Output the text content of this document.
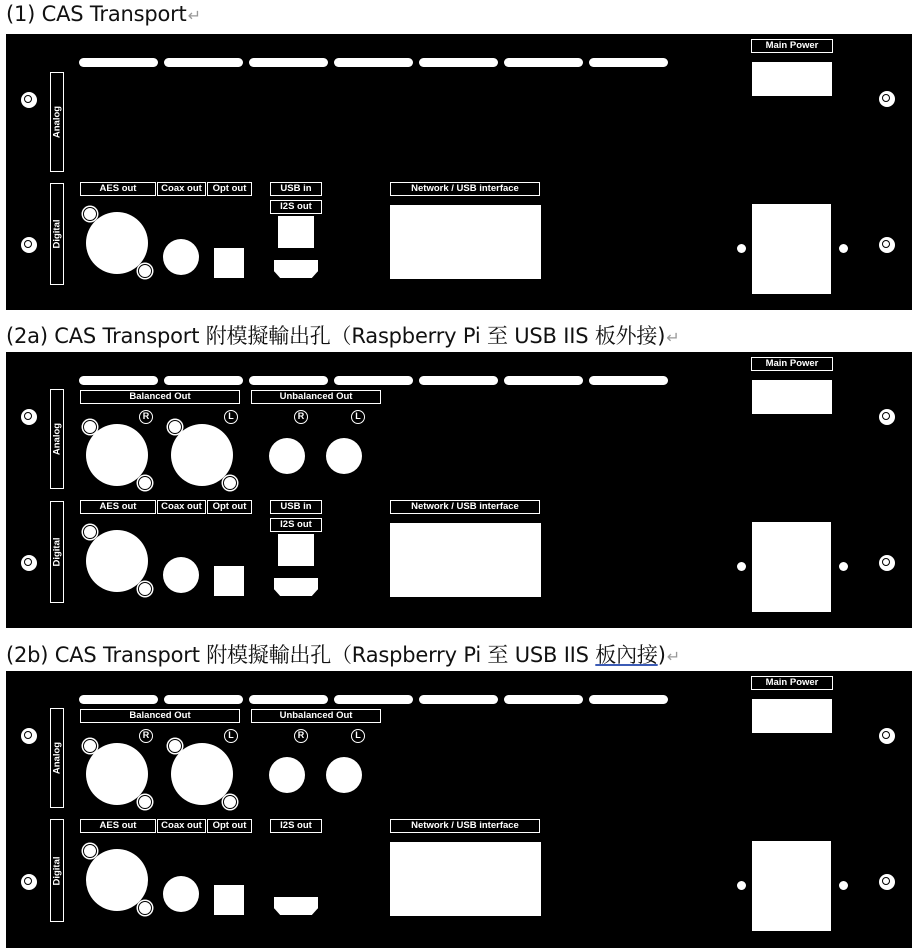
(1) CAS Transport↵
(2a) CAS Transport 附模擬輸出孔（Raspberry Pi 至 USB IIS 板外接)↵
(2b) CAS Transport 附模擬輸出孔（Raspberry Pi 至 USB IIS 板內接)↵
Analog
Digital
AES out	Coax out	Opt out	USB in
I2S out
Network / USB interface
Main Power
Analog
Digital
Balanced Out	Unbalanced Out
R	L	R	L
AES out	Coax out	Opt out	USB in
I2S out
Network / USB interface
Main Power
Analog
Digital
Balanced Out	Unbalanced Out
R	L	R	L
AES out	Coax out	Opt out	I2S out	Network / USB interface
Main Power
